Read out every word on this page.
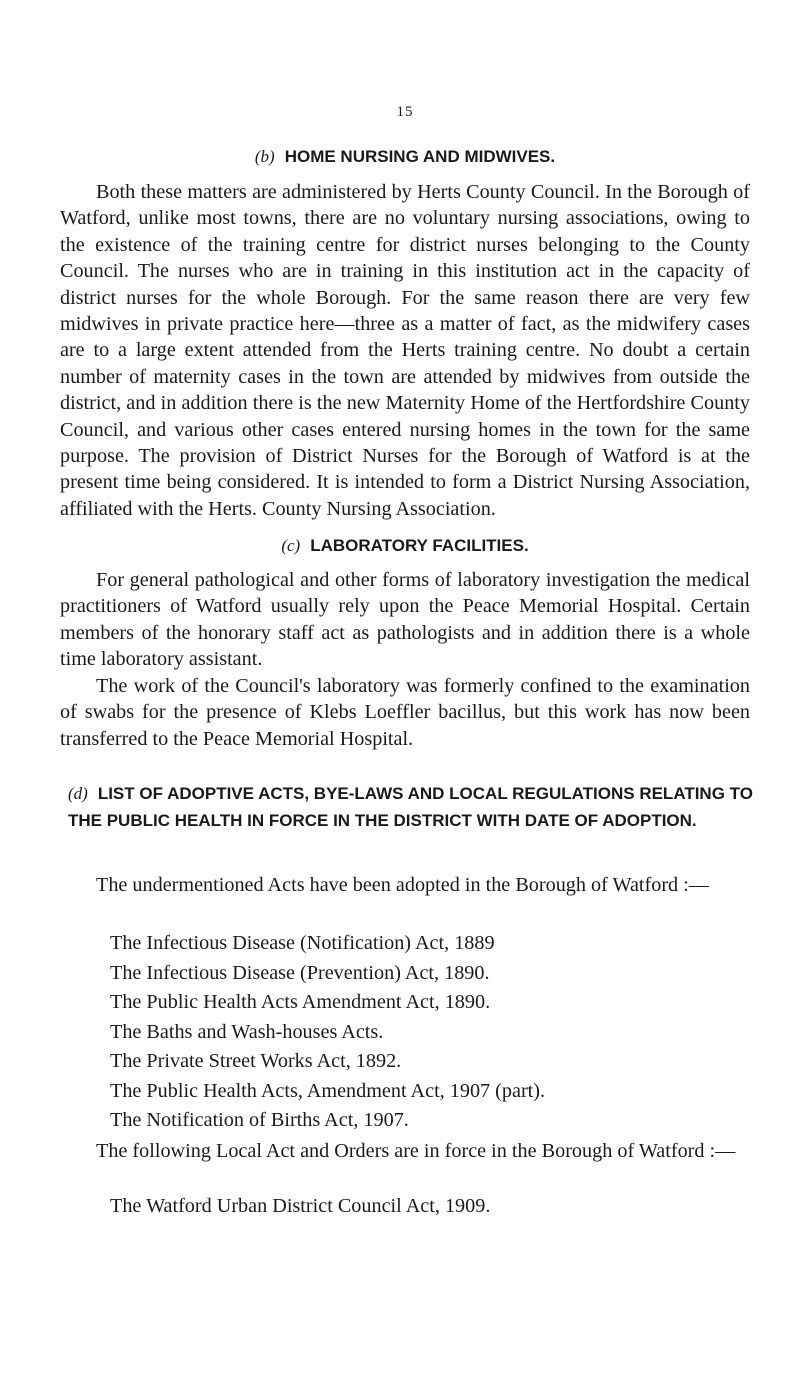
15
(b) HOME NURSING AND MIDWIVES.

Both these matters are administered by Herts County Council. In the Borough of Watford, unlike most towns, there are no voluntary nursing associations, owing to the existence of the training centre for district nurses belonging to the County Council. The nurses who are in training in this institution act in the capacity of district nurses for the whole Borough. For the same reason there are very few midwives in private practice here—three as a matter of fact, as the midwifery cases are to a large extent attended from the Herts training centre. No doubt a certain number of maternity cases in the town are attended by midwives from outside the district, and in addition there is the new Maternity Home of the Hertfordshire County Council, and various other cases entered nursing homes in the town for the same purpose. The provision of District Nurses for the Borough of Watford is at the present time being considered. It is intended to form a District Nursing Association, affiliated with the Herts. County Nursing Association.

(c) LABORATORY FACILITIES.

For general pathological and other forms of laboratory investigation the medical practitioners of Watford usually rely upon the Peace Memorial Hospital. Certain members of the honorary staff act as pathologists and in addition there is a whole time laboratory assistant.

The work of the Council's laboratory was formerly confined to the examination of swabs for the presence of Klebs Loeffler bacillus, but this work has now been transferred to the Peace Memorial Hospital.

(d) LIST OF ADOPTIVE ACTS, BYE-LAWS AND LOCAL REGULATIONS RELATING TO THE PUBLIC HEALTH IN FORCE IN THE DISTRICT WITH DATE OF ADOPTION.

The undermentioned Acts have been adopted in the Borough of Watford :—

The Infectious Disease (Notification) Act, 1889
The Infectious Disease (Prevention) Act, 1890.
The Public Health Acts Amendment Act, 1890.
The Baths and Wash-houses Acts.
The Private Street Works Act, 1892.
The Public Health Acts, Amendment Act, 1907 (part).
The Notification of Births Act, 1907.

The following Local Act and Orders are in force in the Borough of Watford :—

The Watford Urban District Council Act, 1909.
